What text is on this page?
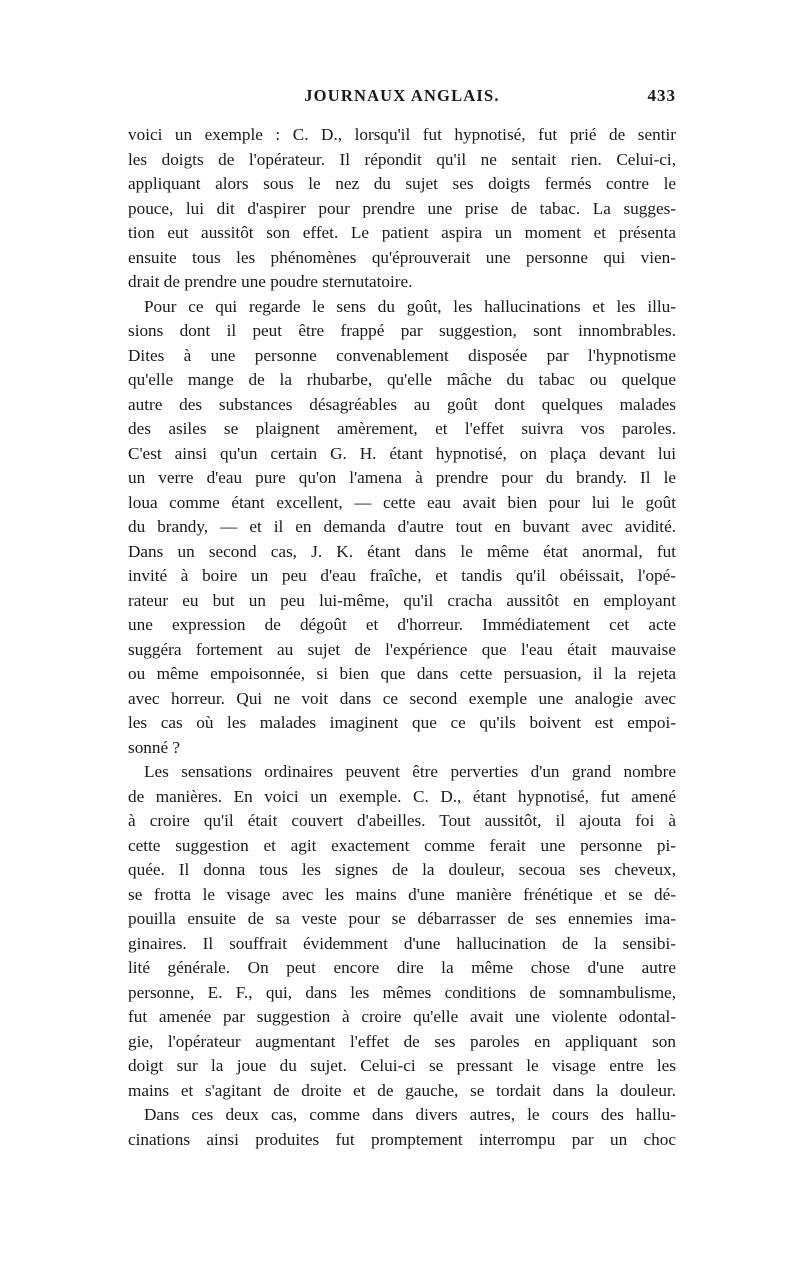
JOURNAUX ANGLAIS.	433
voici un exemple : C. D., lorsqu'il fut hypnotisé, fut prié de sentir
les doigts de l'opérateur. Il répondit qu'il ne sentait rien. Celui-ci,
appliquant alors sous le nez du sujet ses doigts fermés contre le
pouce, lui dit d'aspirer pour prendre une prise de tabac. La sugges-
tion eut aussitôt son effet. Le patient aspira un moment et présenta
ensuite tous les phénomènes qu'éprouverait une personne qui vien-
drait de prendre une poudre sternutatoire.
Pour ce qui regarde le sens du goût, les hallucinations et les illu-
sions dont il peut être frappé par suggestion, sont innombrables.
Dites à une personne convenablement disposée par l'hypnotisme
qu'elle mange de la rhubarbe, qu'elle mâche du tabac ou quelque
autre des substances désagréables au goût dont quelques malades
des asiles se plaignent amèrement, et l'effet suivra vos paroles.
C'est ainsi qu'un certain G. H. étant hypnotisé, on plaça devant lui
un verre d'eau pure qu'on l'amena à prendre pour du brandy. Il le
loua comme étant excellent, — cette eau avait bien pour lui le goût
du brandy, — et il en demanda d'autre tout en buvant avec avidité.
Dans un second cas, J. K. étant dans le même état anormal, fut
invité à boire un peu d'eau fraîche, et tandis qu'il obéissait, l'opé-
rateur eu but un peu lui-même, qu'il cracha aussitôt en employant
une expression de dégoût et d'horreur. Immédiatement cet acte
suggéra fortement au sujet de l'expérience que l'eau était mauvaise
ou même empoisonnée, si bien que dans cette persuasion, il la rejeta
avec horreur. Qui ne voit dans ce second exemple une analogie avec
les cas où les malades imaginent que ce qu'ils boivent est empoi-
sonné ?
Les sensations ordinaires peuvent être perverties d'un grand nombre
de manières. En voici un exemple. C. D., étant hypnotisé, fut amené
à croire qu'il était couvert d'abeilles. Tout aussitôt, il ajouta foi à
cette suggestion et agit exactement comme ferait une personne pi-
quée. Il donna tous les signes de la douleur, secoua ses cheveux,
se frotta le visage avec les mains d'une manière frénétique et se dé-
pouilla ensuite de sa veste pour se débarrasser de ses ennemies ima-
ginaires. Il souffrait évidemment d'une hallucination de la sensibi-
lité générale. On peut encore dire la même chose d'une autre
personne, E. F., qui, dans les mêmes conditions de somnambulisme,
fut amenée par suggestion à croire qu'elle avait une violente odontal-
gie, l'opérateur augmentant l'effet de ses paroles en appliquant son
doigt sur la joue du sujet. Celui-ci se pressant le visage entre les
mains et s'agitant de droite et de gauche, se tordait dans la douleur.
Dans ces deux cas, comme dans divers autres, le cours des hallu-
cinations ainsi produites fut promptement interrompu par un choc
